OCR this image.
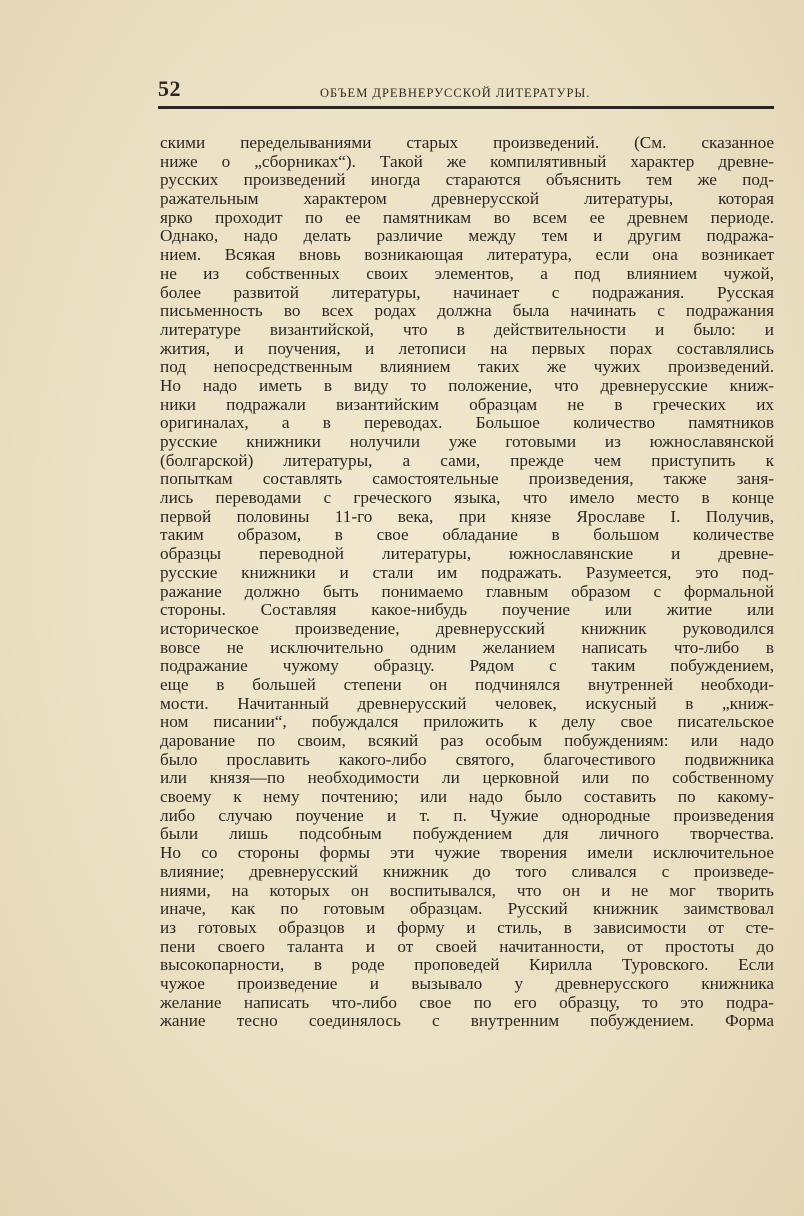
52	ОБЪЕМ ДРЕВНЕРУССКОЙ ЛИТЕРАТУРЫ.
скими переделываниями старых произведений. (См. сказанное
ниже о „сборниках“). Такой же компилятивный характер древне-
русских произведений иногда стараются объяснить тем же под-
ражательным характером древнерусской литературы, которая
ярко проходит по ее памятникам во всем ее древнем периоде.
Однако, надо делать различие между тем и другим подража-
нием. Всякая вновь возникающая литература, если она возникает
не из собственных своих элементов, а под влиянием чужой,
более развитой литературы, начинает с подражания. Русская
письменность во всех родах должна была начинать с подражания
литературе византийской, что в действительности и было: и
жития, и поучения, и летописи на первых порах составлялись
под непосредственным влиянием таких же чужих произведений.
Но надо иметь в виду то положение, что древнерусские книж-
ники подражали византийским образцам не в греческих их
оригиналах, а в переводах. Большое количество памятников
русские книжники нолучили уже готовыми из южнославянской
(болгарской) литературы, а сами, прежде чем приступить к
попыткам составлять самостоятельные произведения, также заня-
лись переводами с греческого языка, что имело место в конце
первой половины 11-го века, при князе Ярославе I. Получив,
таким образом, в свое обладание в большом количестве
образцы переводной литературы, южнославянские и древне-
русские книжники и стали им подражать. Разумеется, это под-
ражание должно быть понимаемо главным образом с формальной
стороны. Составляя какое-нибудь поучение или житие или
историческое произведение, древнерусский книжник руководился
вовсе не исключительно одним желанием написать что-либо в
подражание чужому образцу. Рядом с таким побуждением,
еще в большей степени он подчинялся внутренней необходи-
мости. Начитанный древнерусский человек, искусный в „книж-
ном писании“, побуждался приложить к делу свое писательское
дарование по своим, всякий раз особым побуждениям: или надо
было прославить какого-либо святого, благочестивого подвижника
или князя—по необходимости ли церковной или по собственному
своему к нему почтению; или надо было составить по какому-
либо случаю поучение и т. п. Чужие однородные произведения
были лишь подсобным побуждением для личного творчества.
Но со стороны формы эти чужие творения имели исключительное
влияние; древнерусский книжник до того сливался с произведе-
ниями, на которых он воспитывался, что он и не мог творить
иначе, как по готовым образцам. Русский книжник заимствовал
из готовых образцов и форму и стиль, в зависимости от сте-
пени своего таланта и от своей начитанности, от простоты до
высокопарности, в роде проповедей Кирилла Туровского. Если
чужое произведение и вызывало у древнерусского книжника
желание написать что-либо свое по его образцу, то это подра-
жание тесно соединялось с внутренним побуждением. Форма
